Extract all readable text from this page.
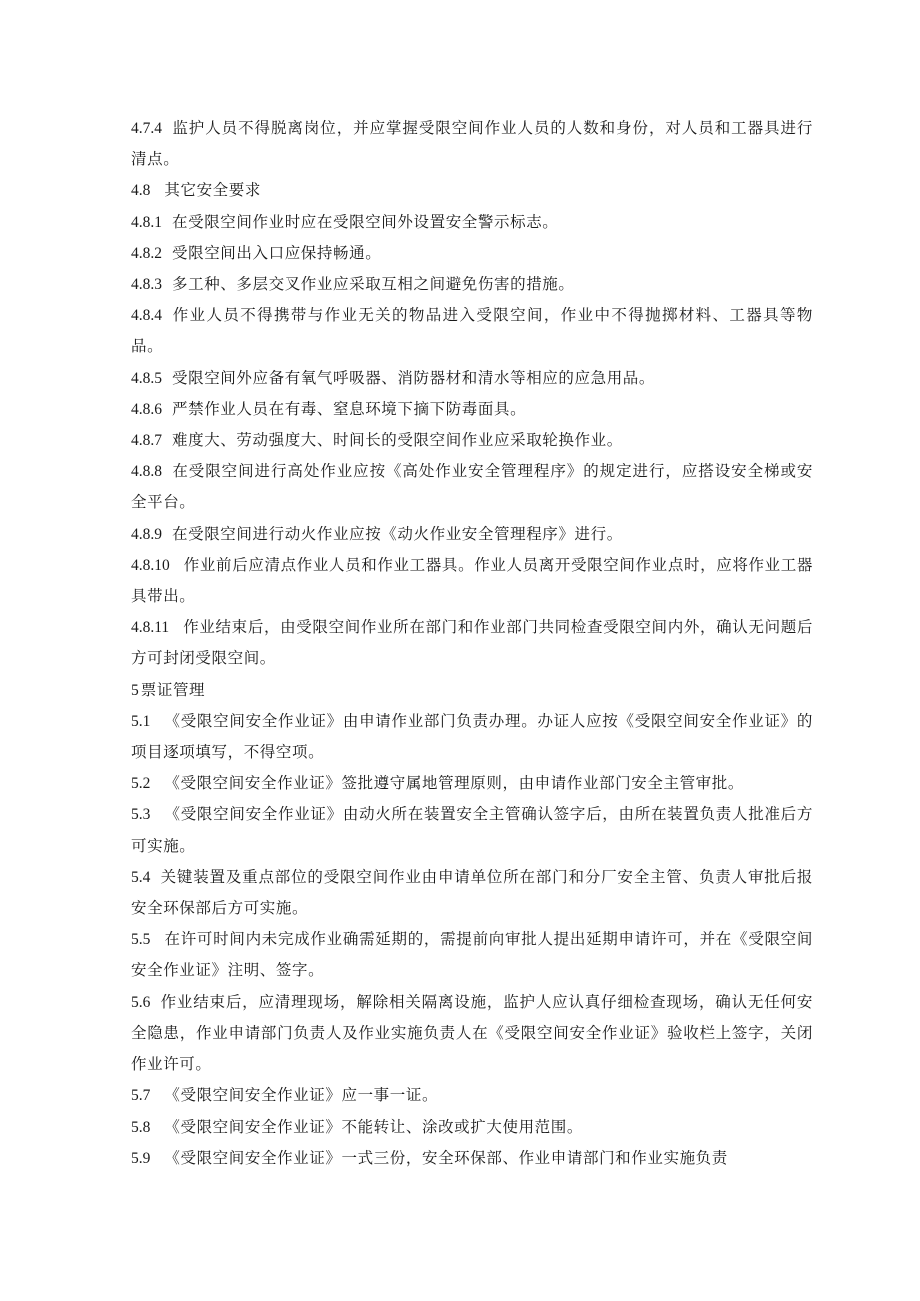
4.7.4 监护人员不得脱离岗位，并应掌握受限空间作业人员的人数和身份，对人员和工器具进行清点。

4.8 其它安全要求

4.8.1 在受限空间作业时应在受限空间外设置安全警示标志。

4.8.2 受限空间出入口应保持畅通。

4.8.3 多工种、多层交叉作业应采取互相之间避免伤害的措施。

4.8.4 作业人员不得携带与作业无关的物品进入受限空间，作业中不得抛掷材料、工器具等物品。

4.8.5 受限空间外应备有氧气呼吸器、消防器材和清水等相应的应急用品。

4.8.6 严禁作业人员在有毒、窒息环境下摘下防毒面具。

4.8.7 难度大、劳动强度大、时间长的受限空间作业应采取轮换作业。

4.8.8 在受限空间进行高处作业应按《高处作业安全管理程序》的规定进行，应搭设安全梯或安全平台。

4.8.9 在受限空间进行动火作业应按《动火作业安全管理程序》进行。

4.8.10 作业前后应清点作业人员和作业工器具。作业人员离开受限空间作业点时，应将作业工器具带出。

4.8.11 作业结束后，由受限空间作业所在部门和作业部门共同检查受限空间内外，确认无问题后方可封闭受限空间。

5 票证管理

5.1 《受限空间安全作业证》由申请作业部门负责办理。办证人应按《受限空间安全作业证》的项目逐项填写，不得空项。

5.2 《受限空间安全作业证》签批遵守属地管理原则，由申请作业部门安全主管审批。

5.3 《受限空间安全作业证》由动火所在装置安全主管确认签字后，由所在装置负责人批准后方可实施。

5.4 关键装置及重点部位的受限空间作业由申请单位所在部门和分厂安全主管、负责人审批后报安全环保部后方可实施。

5.5 在许可时间内未完成作业确需延期的，需提前向审批人提出延期申请许可，并在《受限空间安全作业证》注明、签字。

5.6 作业结束后，应清理现场，解除相关隔离设施，监护人应认真仔细检查现场，确认无任何安全隐患，作业申请部门负责人及作业实施负责人在《受限空间安全作业证》验收栏上签字，关闭作业许可。

5.7 《受限空间安全作业证》应一事一证。

5.8 《受限空间安全作业证》不能转让、涂改或扩大使用范围。

5.9 《受限空间安全作业证》一式三份，安全环保部、作业申请部门和作业实施负责
